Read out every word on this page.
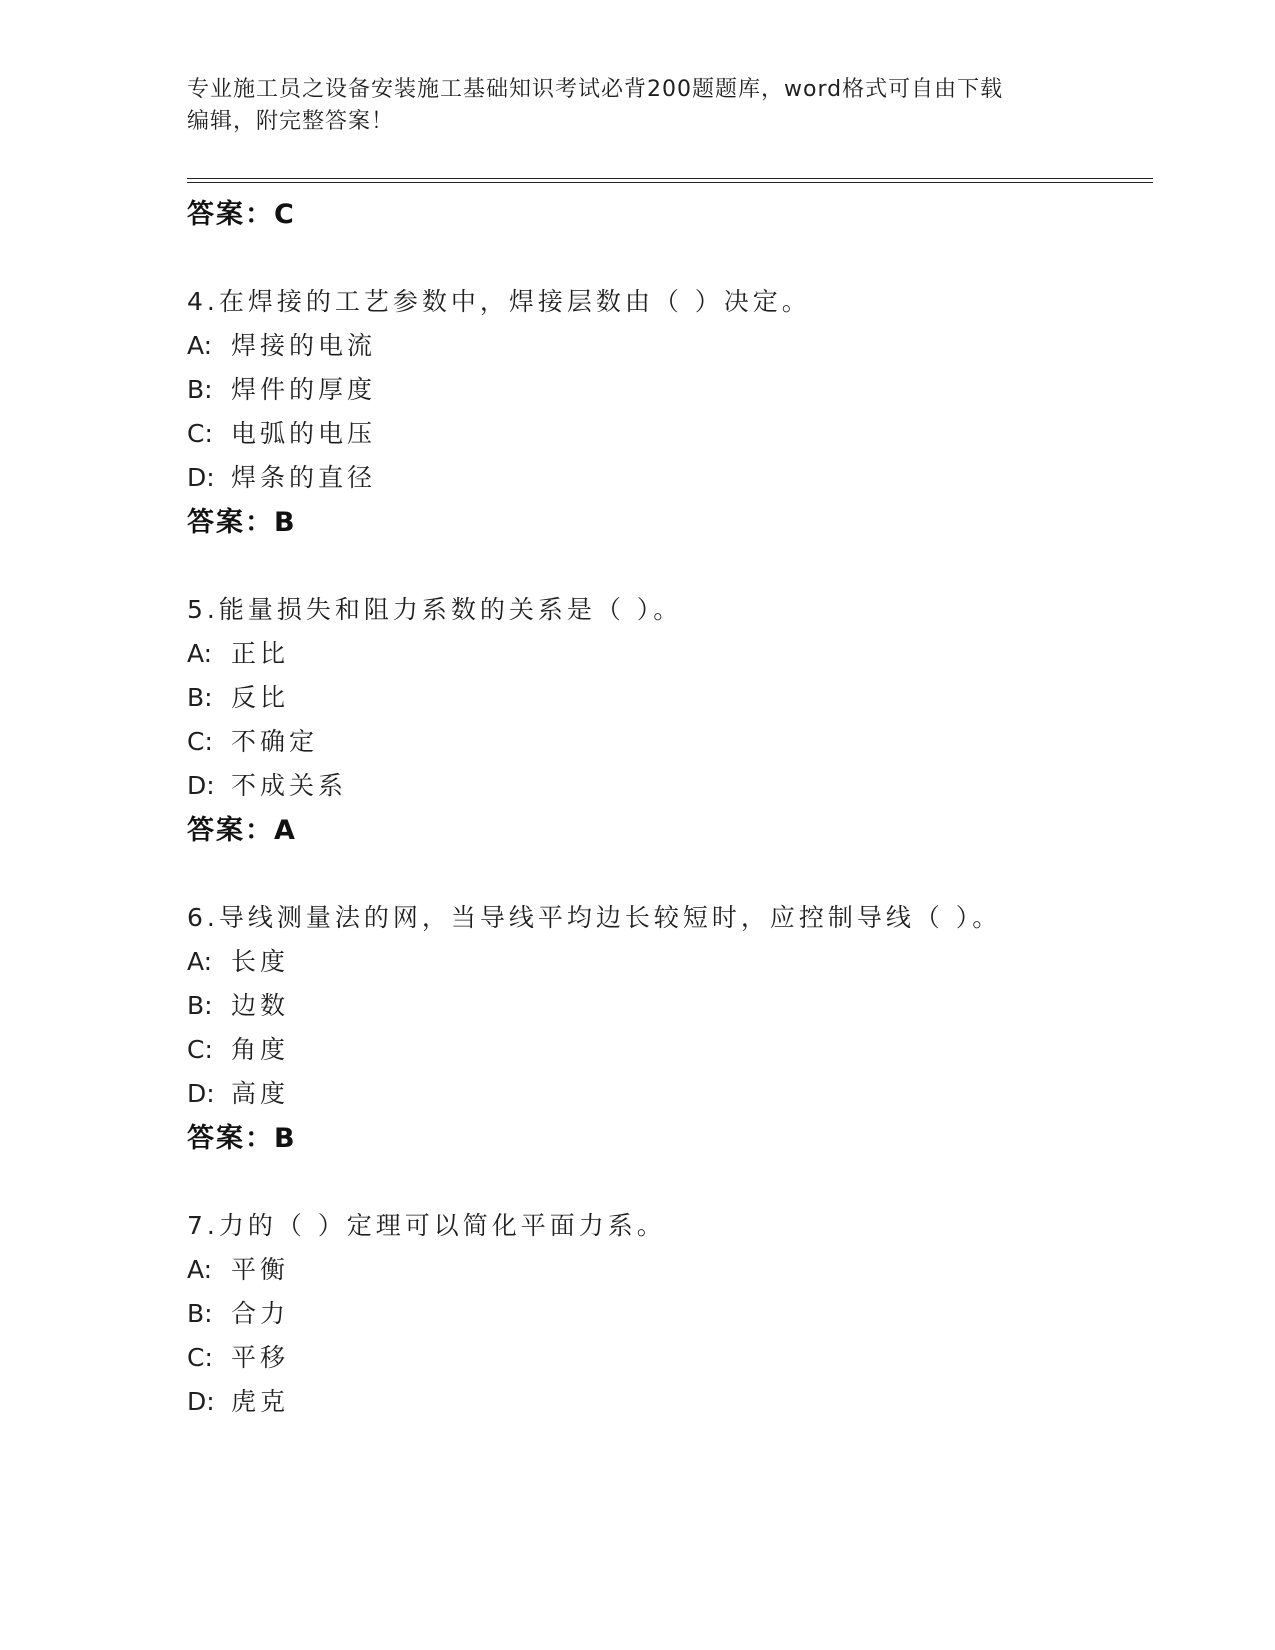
专业施工员之设备安装施工基础知识考试必背200题题库，word格式可自由下载
编辑，附完整答案！
答案：C
4.在焊接的工艺参数中，焊接层数由（ ）决定。
A: 焊接的电流
B: 焊件的厚度
C: 电弧的电压
D: 焊条的直径
答案：B
5.能量损失和阻力系数的关系是（ ）。
A: 正比
B: 反比
C: 不确定
D: 不成关系
答案：A
6.导线测量法的网，当导线平均边长较短时，应控制导线（ ）。
A: 长度
B: 边数
C: 角度
D: 高度
答案：B
7.力的（ ）定理可以简化平面力系。
A: 平衡
B: 合力
C: 平移
D: 虎克
